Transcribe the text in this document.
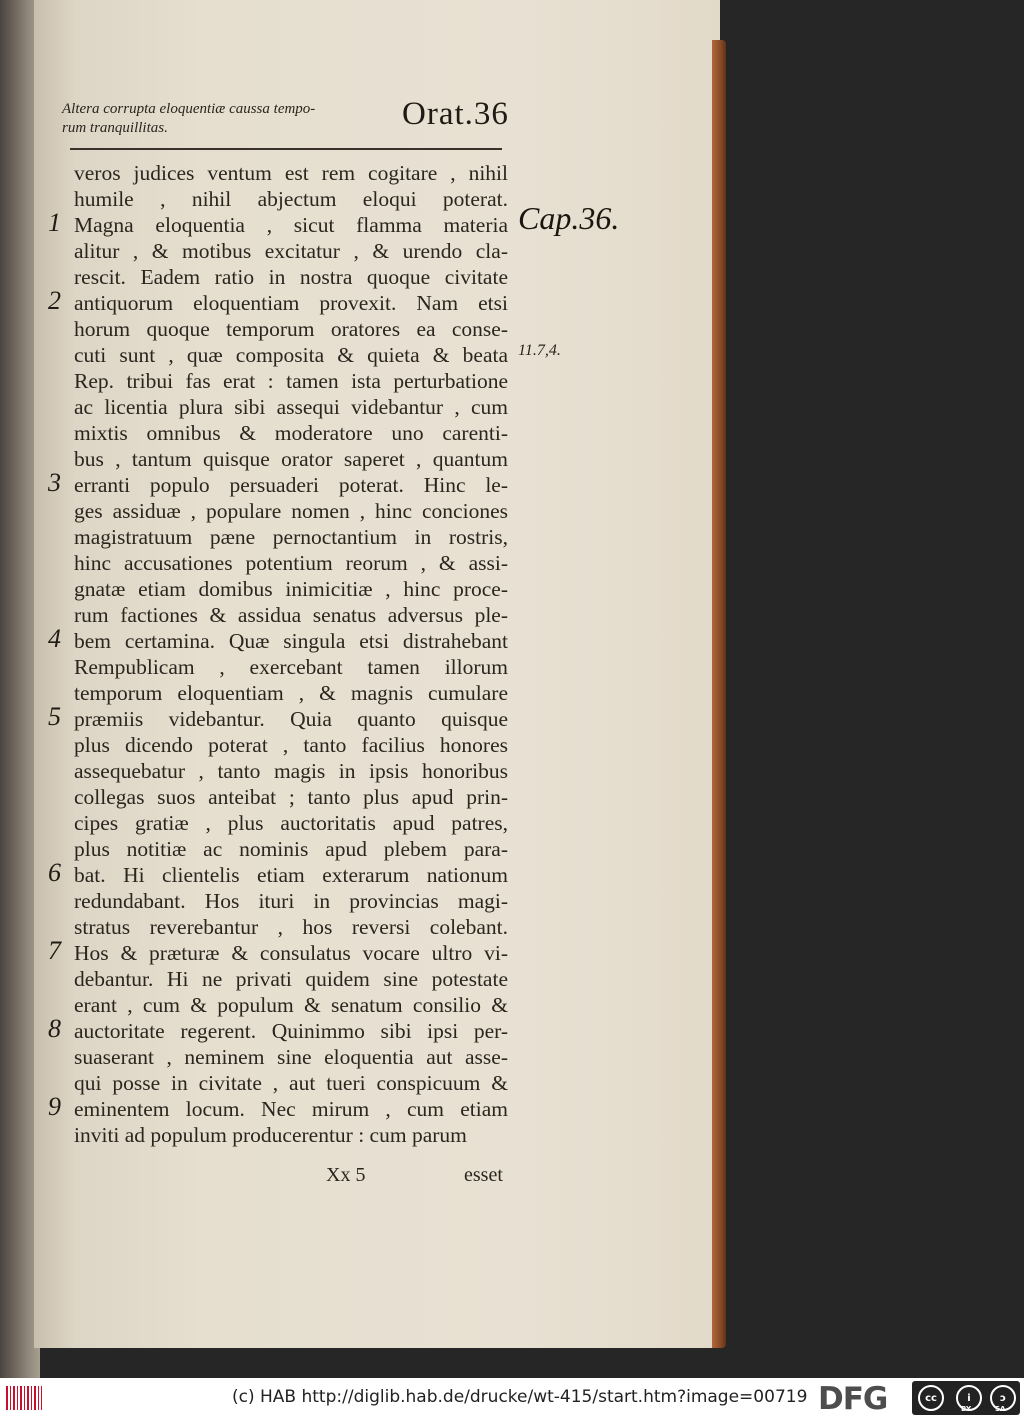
Altera corrupta eloquentiæ caussa tempo-
rum tranquillitas.	Orat.36
veros judices ventum est rem cogitare , nihil
humile , nihil abjectum eloqui poterat.
Magna eloquentia , sicut flamma materia
alitur , & motibus excitatur , & urendo cla-
rescit. Eadem ratio in nostra quoque civitate
antiquorum eloquentiam provexit. Nam etsi
horum quoque temporum oratores ea conse-
cuti sunt , quæ composita & quieta & beata
Rep. tribui fas erat : tamen ista perturbatione
ac licentia plura sibi assequi videbantur , cum
mixtis omnibus & moderatore uno carenti-
bus , tantum quisque orator saperet , quantum
erranti populo persuaderi poterat. Hinc le-
ges assiduæ , populare nomen , hinc conciones
magistratuum pæne pernoctantium in rostris,
hinc accusationes potentium reorum , & assi-
gnatæ etiam domibus inimicitiæ , hinc proce-
rum factiones & assidua senatus adversus ple-
bem certamina. Quæ singula etsi distrahebant
Rempublicam , exercebant tamen illorum
temporum eloquentiam , & magnis cumulare
præmiis videbantur. Quia quanto quisque
plus dicendo poterat , tanto facilius honores
assequebatur , tanto magis in ipsis honoribus
collegas suos anteibat ; tanto plus apud prin-
cipes gratiæ , plus auctoritatis apud patres,
plus notitiæ ac nominis apud plebem para-
bat. Hi clientelis etiam exterarum nationum
redundabant. Hos ituri in provincias magi-
stratus reverebantur , hos reversi colebant.
Hos & præturæ & consulatus vocare ultro vi-
debantur. Hi ne privati quidem sine potestate
erant , cum & populum & senatum consilio &
auctoritate regerent. Quinimmo sibi ipsi per-
suaserant , neminem sine eloquentia aut asse-
qui posse in civitate , aut tueri conspicuum &
eminentem locum. Nec mirum , cum etiam
inviti ad populum producerentur : cum parum
1
2
3
4
5
6
7
8
9
Cap.36.
11.7,4.
Xx 5	esset
(c) HAB http://diglib.hab.de/drucke/wt-415/start.htm?image=00719 DFG	cc	i	ↄ
BY	SA
